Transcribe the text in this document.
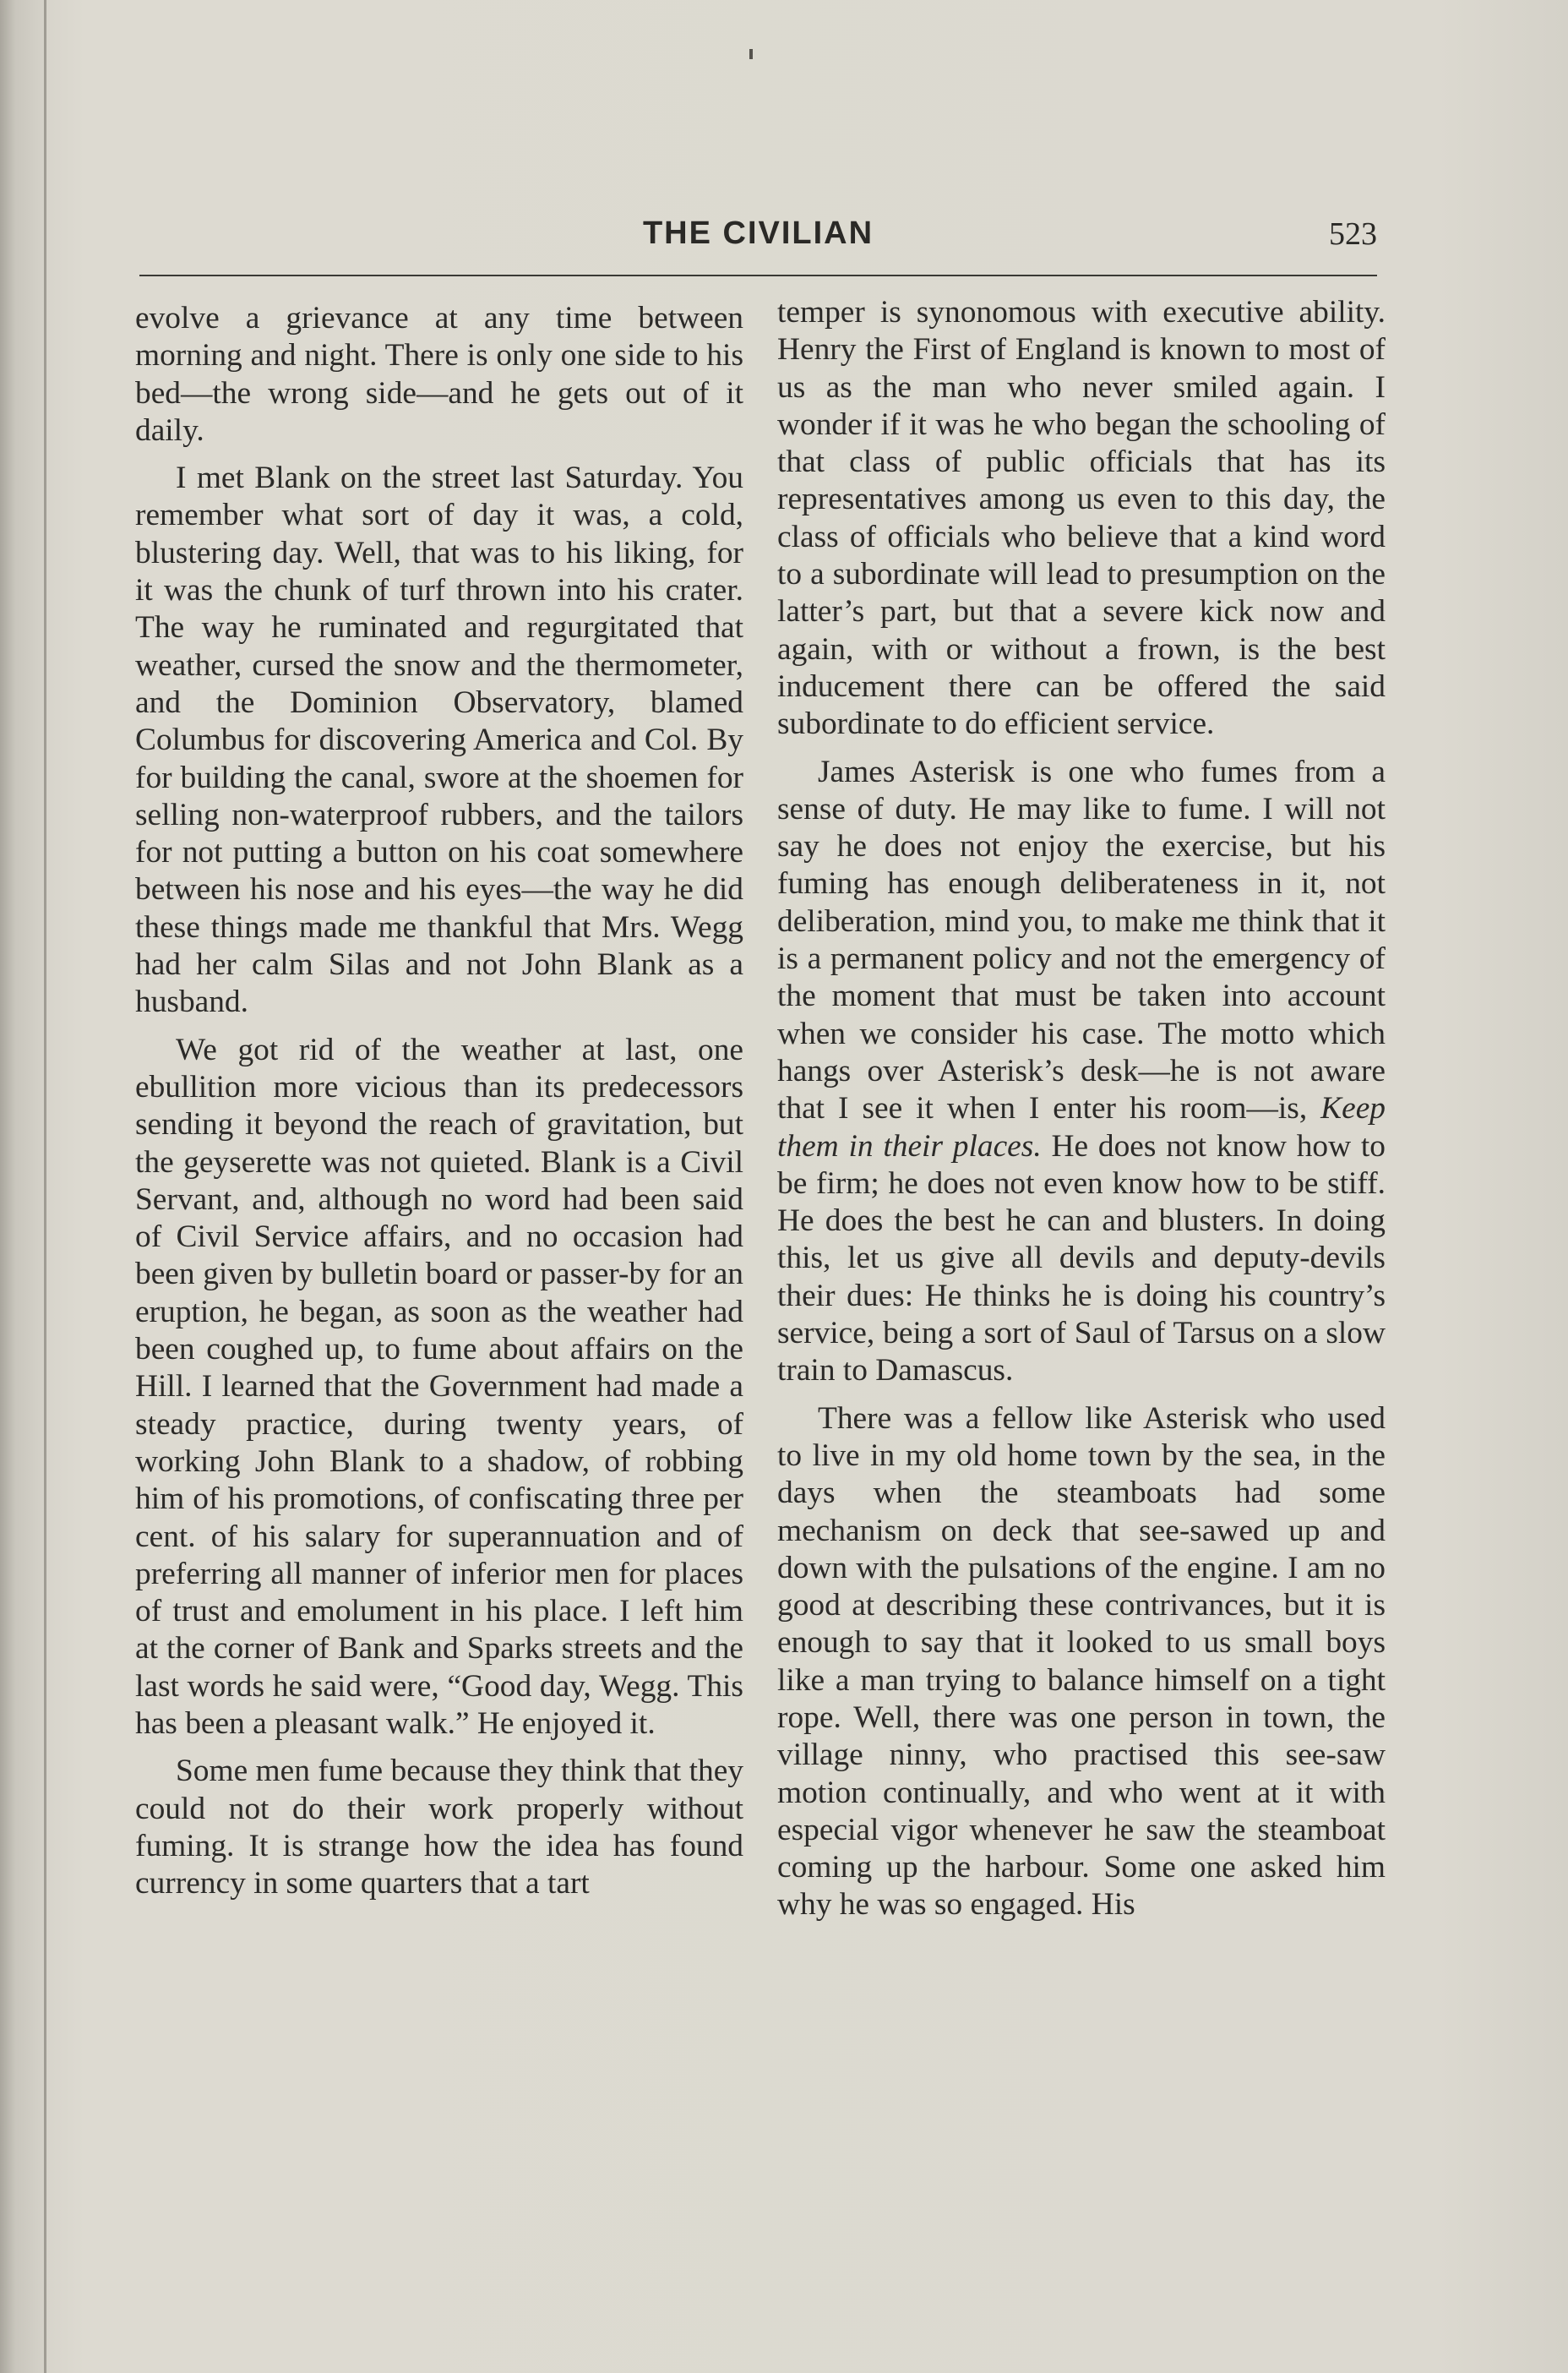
THE CIVILIAN	523

evolve a grievance at any time between morning and night. There is only one side to his bed—the wrong side—and he gets out of it daily.

I met Blank on the street last Saturday. You remember what sort of day it was, a cold, blustering day. Well, that was to his liking, for it was the chunk of turf thrown into his crater. The way he ruminated and regurgitated that weather, cursed the snow and the thermometer, and the Dominion Observatory, blamed Columbus for discovering America and Col. By for building the canal, swore at the shoemen for selling non-waterproof rubbers, and the tailors for not putting a button on his coat somewhere between his nose and his eyes—the way he did these things made me thankful that Mrs. Wegg had her calm Silas and not John Blank as a husband.

We got rid of the weather at last, one ebullition more vicious than its predecessors sending it beyond the reach of gravitation, but the geyserette was not quieted. Blank is a Civil Servant, and, although no word had been said of Civil Service affairs, and no occasion had been given by bulletin board or passer-by for an eruption, he began, as soon as the weather had been coughed up, to fume about affairs on the Hill. I learned that the Government had made a steady practice, during twenty years, of working John Blank to a shadow, of robbing him of his promotions, of confiscating three per cent. of his salary for superannuation and of preferring all manner of inferior men for places of trust and emolument in his place. I left him at the corner of Bank and Sparks streets and the last words he said were, “Good day, Wegg. This has been a pleasant walk.” He enjoyed it.

Some men fume because they think that they could not do their work properly without fuming. It is strange how the idea has found currency in some quarters that a tart

temper is synonomous with executive ability. Henry the First of England is known to most of us as the man who never smiled again. I wonder if it was he who began the schooling of that class of public officials that has its representatives among us even to this day, the class of officials who believe that a kind word to a subordinate will lead to presumption on the latter’s part, but that a severe kick now and again, with or without a frown, is the best inducement there can be offered the said subordinate to do efficient service.

James Asterisk is one who fumes from a sense of duty. He may like to fume. I will not say he does not enjoy the exercise, but his fuming has enough deliberateness in it, not deliberation, mind you, to make me think that it is a permanent policy and not the emergency of the moment that must be taken into account when we consider his case. The motto which hangs over Asterisk’s desk—he is not aware that I see it when I enter his room—is, Keep them in their places. He does not know how to be firm; he does not even know how to be stiff. He does the best he can and blusters. In doing this, let us give all devils and deputy-devils their dues: He thinks he is doing his country’s service, being a sort of Saul of Tarsus on a slow train to Damascus.

There was a fellow like Asterisk who used to live in my old home town by the sea, in the days when the steamboats had some mechanism on deck that see-sawed up and down with the pulsations of the engine. I am no good at describing these contrivances, but it is enough to say that it looked to us small boys like a man trying to balance himself on a tight rope. Well, there was one person in town, the village ninny, who practised this see-saw motion continually, and who went at it with especial vigor whenever he saw the steamboat coming up the harbour. Some one asked him why he was so engaged. His
